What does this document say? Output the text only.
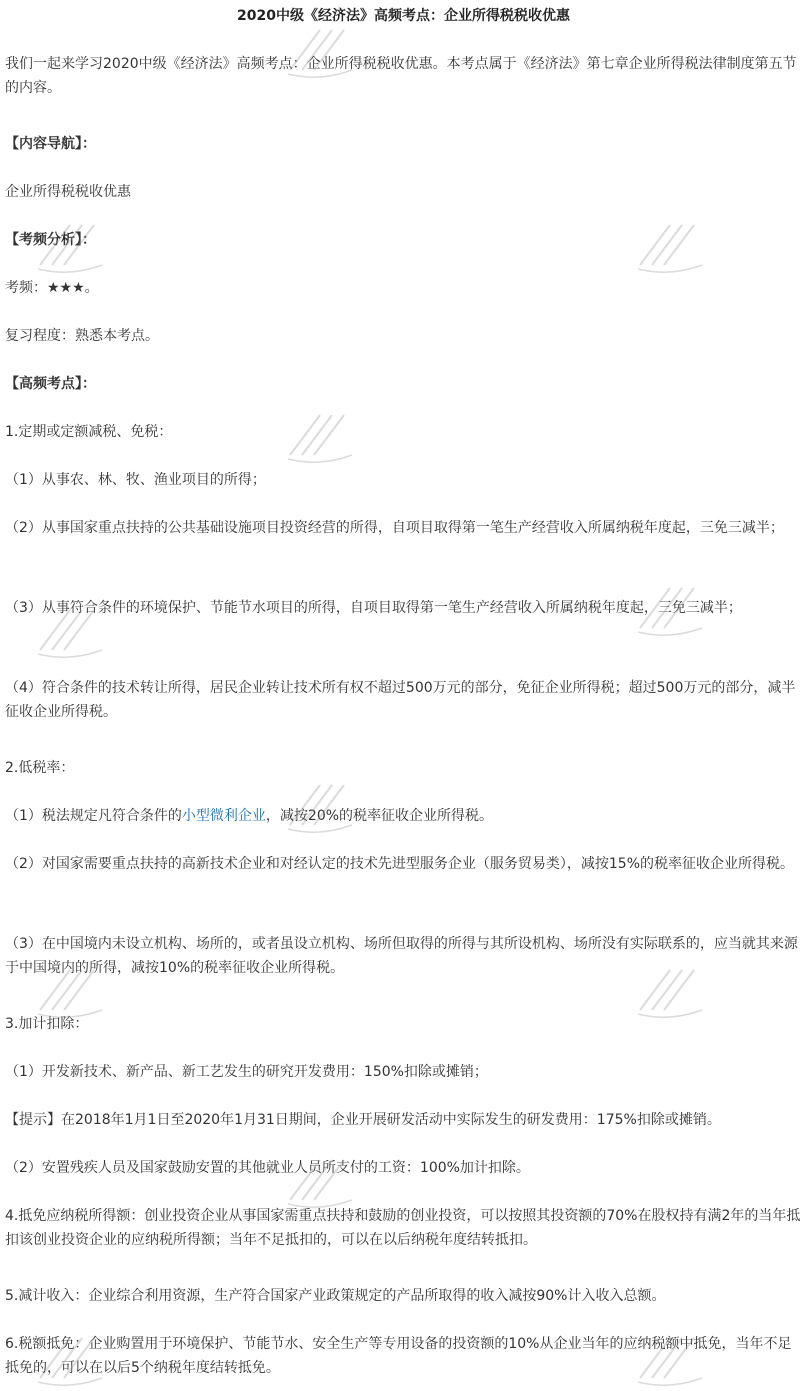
2020中级《经济法》高频考点：企业所得税税收优惠

我们一起来学习2020中级《经济法》高频考点：企业所得税税收优惠。本考点属于《经济法》第七章企业所得税法律制度第五节的内容。

【内容导航】：

企业所得税税收优惠

【考频分析】：

考频：★★★。

复习程度：熟悉本考点。

【高频考点】：

1.定期或定额减税、免税：

（1）从事农、林、牧、渔业项目的所得；

（2）从事国家重点扶持的公共基础设施项目投资经营的所得，自项目取得第一笔生产经营收入所属纳税年度起，三免三减半；

（3）从事符合条件的环境保护、节能节水项目的所得，自项目取得第一笔生产经营收入所属纳税年度起，三免三减半；

（4）符合条件的技术转让所得，居民企业转让技术所有权不超过500万元的部分，免征企业所得税；超过500万元的部分，减半征收企业所得税。

2.低税率：

（1）税法规定凡符合条件的小型微利企业，减按20%的税率征收企业所得税。

（2）对国家需要重点扶持的高新技术企业和对经认定的技术先进型服务企业（服务贸易类），减按15%的税率征收企业所得税。

（3）在中国境内未设立机构、场所的，或者虽设立机构、场所但取得的所得与其所设机构、场所没有实际联系的，应当就其来源于中国境内的所得，减按10%的税率征收企业所得税。

3.加计扣除：

（1）开发新技术、新产品、新工艺发生的研究开发费用：150%扣除或摊销；

【提示】在2018年1月1日至2020年1月31日期间，企业开展研发活动中实际发生的研发费用：175%扣除或摊销。

（2）安置残疾人员及国家鼓励安置的其他就业人员所支付的工资：100%加计扣除。

4.抵免应纳税所得额：创业投资企业从事国家需重点扶持和鼓励的创业投资，可以按照其投资额的70%在股权持有满2年的当年抵扣该创业投资企业的应纳税所得额；当年不足抵扣的，可以在以后纳税年度结转抵扣。

5.减计收入：企业综合利用资源，生产符合国家产业政策规定的产品所取得的收入减按90%计入收入总额。

6.税额抵免：企业购置用于环境保护、节能节水、安全生产等专用设备的投资额的10%从企业当年的应纳税额中抵免，当年不足抵免的，可以在以后5个纳税年度结转抵免。
